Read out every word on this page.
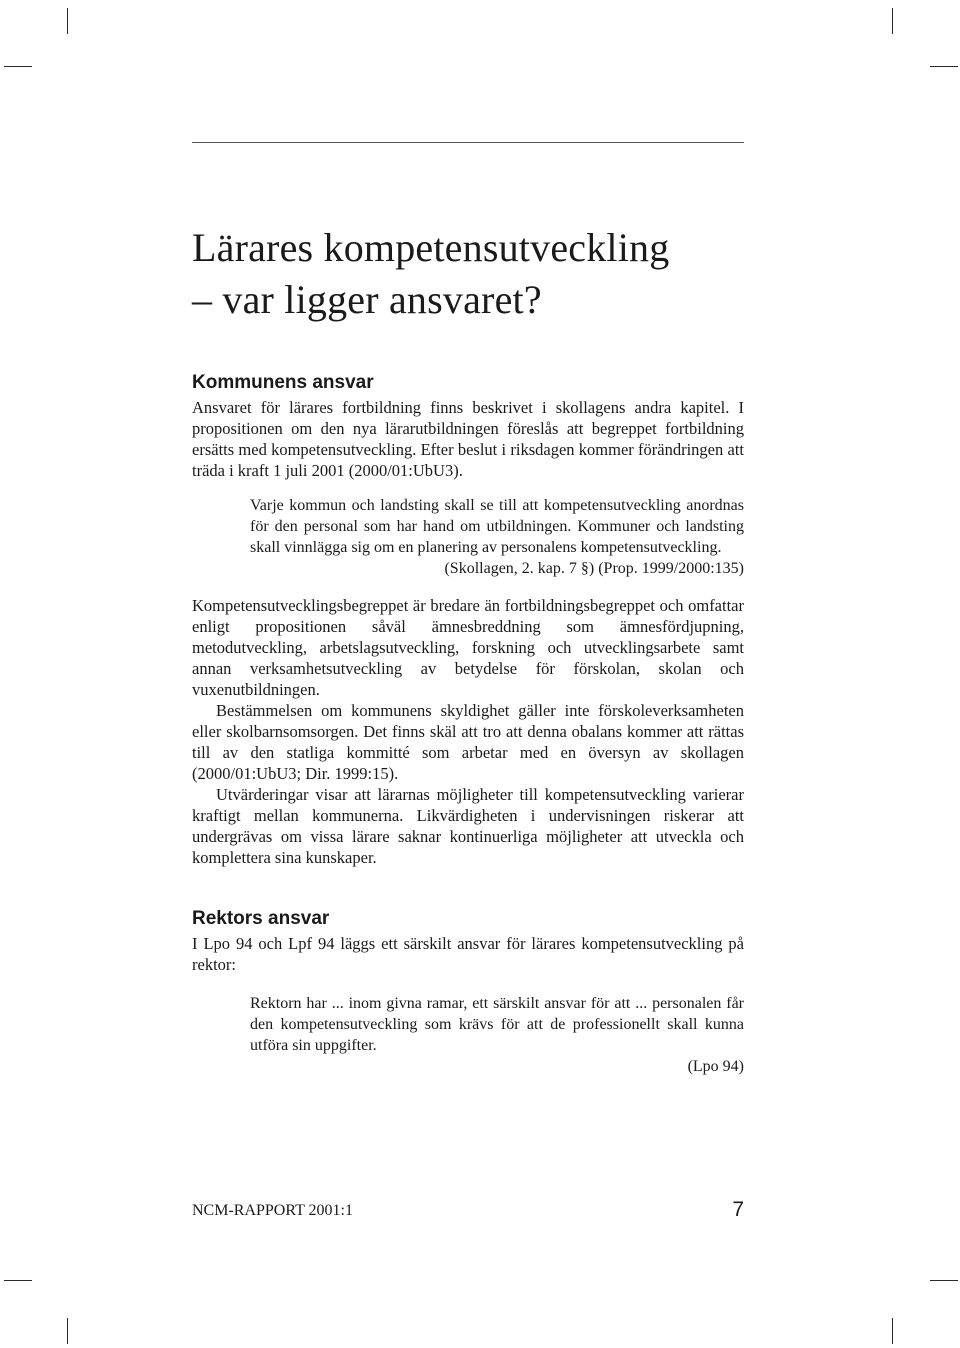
Lärares kompetensutveckling
– var ligger ansvaret?
Kommunens ansvar

Ansvaret för lärares fortbildning finns beskrivet i skollagens andra kapitel. I propositionen om den nya lärarutbildningen föreslås att begreppet fortbildning ersätts med kompetensutveckling. Efter beslut i riksdagen kommer förändringen att träda i kraft 1 juli 2001 (2000/01:UbU3).

Varje kommun och landsting skall se till att kompetensutveckling anordnas för den personal som har hand om utbildningen. Kommuner och landsting skall vinnlägga sig om en planering av personalens kompetensutveckling.

(Skollagen, 2. kap. 7 §) (Prop. 1999/2000:135)

Kompetensutvecklingsbegreppet är bredare än fortbildningsbegreppet och omfattar enligt propositionen såväl ämnesbreddning som ämnesfördjupning, metodutveckling, arbetslagsutveckling, forskning och utvecklingsarbete samt annan verksamhetsutveckling av betydelse för förskolan, skolan och vuxenutbildningen.

Bestämmelsen om kommunens skyldighet gäller inte förskoleverksamheten eller skolbarnsomsorgen. Det finns skäl att tro att denna obalans kommer att rättas till av den statliga kommitté som arbetar med en översyn av skollagen (2000/01:UbU3; Dir. 1999:15).

Utvärderingar visar att lärarnas möjligheter till kompetensutveckling varierar kraftigt mellan kommunerna. Likvärdigheten i undervisningen riskerar att undergrävas om vissa lärare saknar kontinuerliga möjligheter att utveckla och komplettera sina kunskaper.

Rektors ansvar

I Lpo 94 och Lpf 94 läggs ett särskilt ansvar för lärares kompetensutveckling på rektor:

Rektorn har ... inom givna ramar, ett särskilt ansvar för att ... personalen får den kompetensutveckling som krävs för att de professionellt skall kunna utföra sin uppgifter.

(Lpo 94)
NCM-RAPPORT 2001:1	7
